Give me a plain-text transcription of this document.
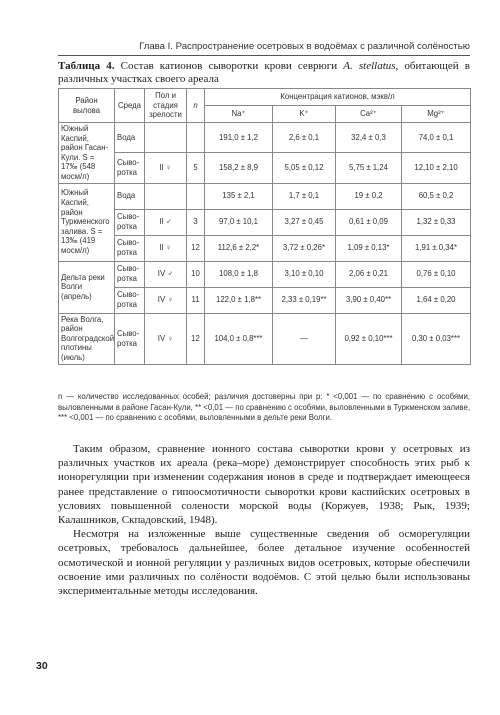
Глава I. Распространение осетровых в водоёмах с различной солёностью
Таблица 4. Состав катионов сыворотки крови севрюги A. stellatus, обитающей в различных участках своего ареала
Район вылова	Среда	Пол и стадия зрелости	n	Концентрация катионов, мэкв/л			
				Na⁺	K⁺	Ca²⁺	Mg²⁺
Южный Каспий, район Гасан-Кули. S = 17‰ (548 мосм/л)	Вода			191,0 ± 1,2	2,6 ± 0,1	32,4 ± 0,3	74,0 ± 0,1
	Сыво-ротка	II ♀	5	158,2 ± 8,9	5,05 ± 0,12	5,75 ± 1,24	12,10 ± 2,10
Южный Каспий, район Туркменского залива. S = 13‰ (419 мосм/л)	Вода			135 ± 2,1	1,7 ± 0,1	19 ± 0,2	60,5 ± 0,2
	Сыво-ротка	II ♂	3	97,0 ± 10,1	3,27 ± 0,45	0,61 ± 0,09	1,32 ± 0,33
	Сыво-ротка	II ♀	12	112,6 ± 2,2*	3,72 ± 0,26*	1,09 ± 0,13*	1,91 ± 0,34*
Дельта реки Волги (апрель)	Сыво-ротка	IV ♂	10	108,0 ± 1,8	3,10 ± 0,10	2,06 ± 0,21	0,76 ± 0,10
	Сыво-ротка	IV ♀	11	122,0 ± 1,8**	2,33 ± 0,19**	3,90 ± 0,40**	1,64 ± 0,20
Река Волга, район Волгоградской плотины (июль)	Сыво-ротка	IV ♀	12	104,0 ± 0,8***	—	0,92 ± 0,10***	0,30 ± 0,03***
n — количество исследованных особей; различия достоверны при p: * <0,001 — по сравнению с особями, выловленными в районе Гасан-Кули, ** <0,01 — по сравнению с особями, выловленными в Туркменском заливе, *** <0,001 — по сравнению с особями, выловленными в дельте реки Волги.

Таким образом, сравнение ионного состава сыворотки крови у осетровых из различных участков их ареала (река–море) демонстрирует способность этих рыб к ионорегуляции при изменении содержания ионов в среде и подтверждает имеющееся ранее представление о гипоосмотичности сыворотки крови каспийских осетровых в условиях повышенной солености морской воды (Коржуев, 1938; Рык, 1939; Калашников, Скпадовский, 1948).

Несмотря на изложенные выше существенные сведения об осморегуляции осетровых, требовалось дальнейшее, более детальное изучение особенностей осмотической и ионной регуляции у различных видов осетровых, которые обеспечили освоение ими различных по солёности водоёмов. С этой целью были использованы экспериментальные методы исследования.

30
